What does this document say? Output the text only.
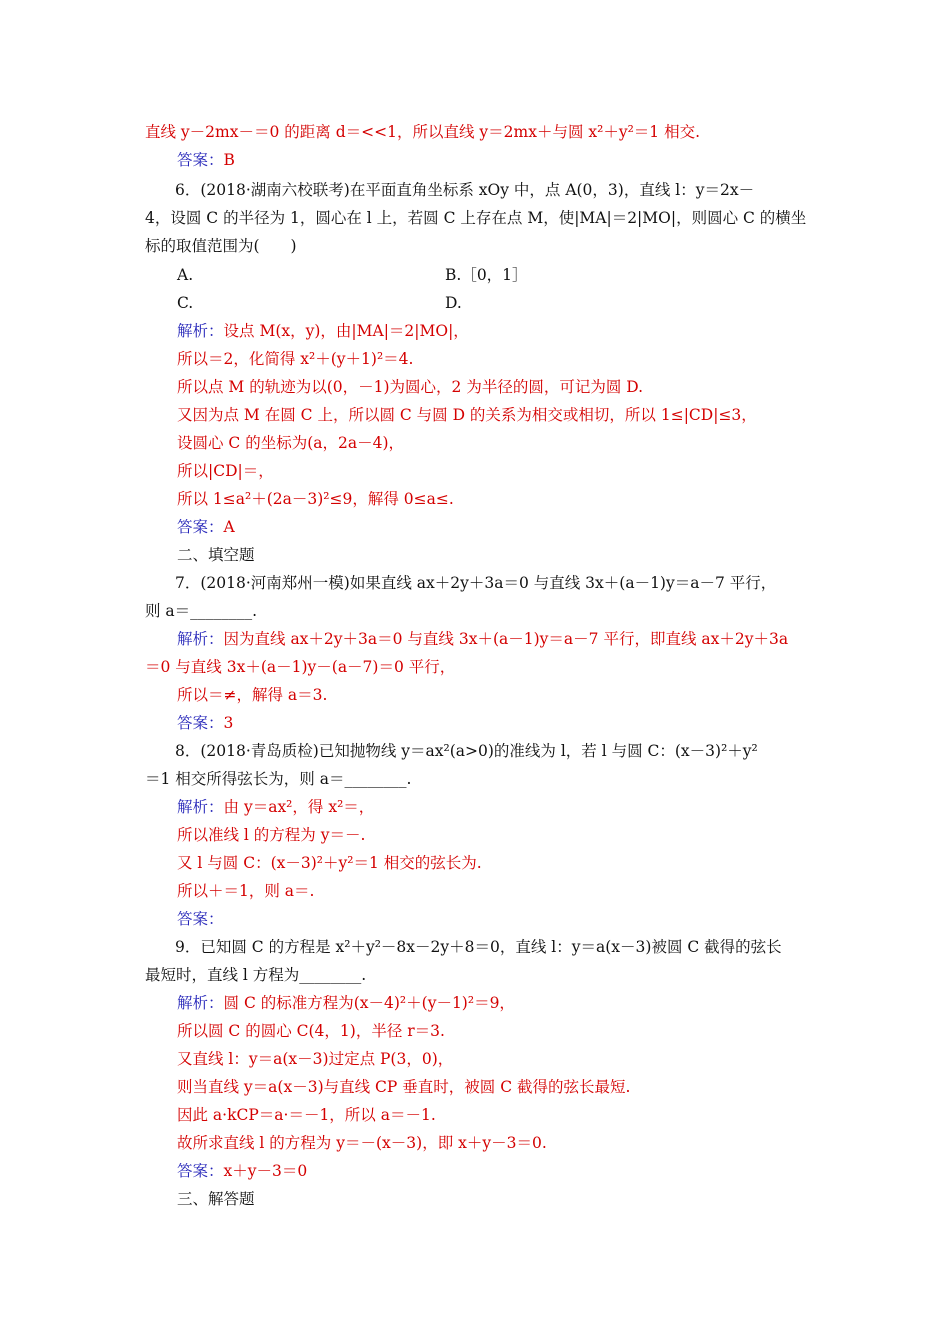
直线 y－2mx－＝0 的距离 d＝<<1，所以直线 y＝2mx＋与圆 x²＋y²＝1 相交.
答案：B
6．(2018·湖南六校联考)在平面直角坐标系 xOy 中，点 A(0，3)，直线 l：y＝2x－
4，设圆 C 的半径为 1，圆心在 l 上，若圆 C 上存在点 M，使|MA|＝2|MO|，则圆心 C 的横坐
标的取值范围为(　　)
A.	B.［0，1］
C.	D.
解析：设点 M(x，y)，由|MA|＝2|MO|，
所以＝2，化简得 x²＋(y＋1)²＝4.
所以点 M 的轨迹为以(0，－1)为圆心，2 为半径的圆，可记为圆 D.
又因为点 M 在圆 C 上，所以圆 C 与圆 D 的关系为相交或相切，所以 1≤|CD|≤3，
设圆心 C 的坐标为(a，2a－4)，
所以|CD|＝，
所以 1≤a²＋(2a－3)²≤9，解得 0≤a≤.
答案：A
二、填空题
7．(2018·河南郑州一模)如果直线 ax＋2y＋3a＝0 与直线 3x＋(a－1)y＝a－7 平行，
则 a＝________.
解析：因为直线 ax＋2y＋3a＝0 与直线 3x＋(a－1)y＝a－7 平行，即直线 ax＋2y＋3a
＝0 与直线 3x＋(a－1)y－(a－7)＝0 平行，
所以＝≠，解得 a＝3.
答案：3
8．(2018·青岛质检)已知抛物线 y＝ax²(a>0)的准线为 l，若 l 与圆 C：(x－3)²＋y²
＝1 相交所得弦长为，则 a＝________.
解析：由 y＝ax²，得 x²＝，
所以准线 l 的方程为 y＝－.
又 l 与圆 C：(x－3)²＋y²＝1 相交的弦长为.
所以＋＝1，则 a＝.
答案：
9．已知圆 C 的方程是 x²＋y²－8x－2y＋8＝0，直线 l：y＝a(x－3)被圆 C 截得的弦长
最短时，直线 l 方程为________.
解析：圆 C 的标准方程为(x－4)²＋(y－1)²＝9，
所以圆 C 的圆心 C(4，1)，半径 r＝3.
又直线 l：y＝a(x－3)过定点 P(3，0)，
则当直线 y＝a(x－3)与直线 CP 垂直时，被圆 C 截得的弦长最短.
因此 a·kCP＝a·＝－1，所以 a＝－1.
故所求直线 l 的方程为 y＝－(x－3)，即 x＋y－3＝0.
答案：x＋y－3＝0
三、解答题
